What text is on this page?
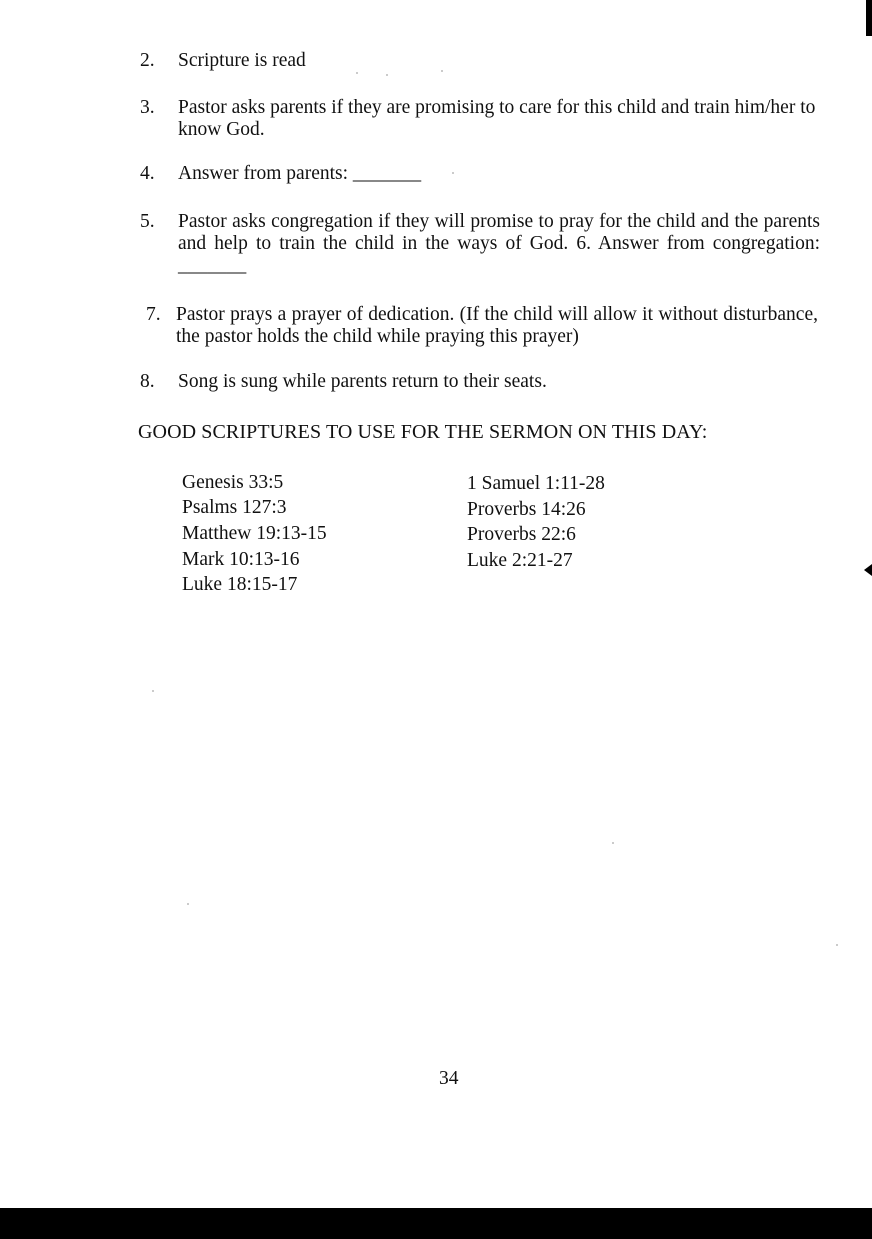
2. Scripture is read
3. Pastor asks parents if they are promising to care for this child and train him/her to know God.
4. Answer from parents: _______
5. Pastor asks congregation if they will promise to pray for the child and the parents and help to train the child in the ways of God. 6. Answer from congregation: _______
7. Pastor prays a prayer of dedication. (If the child will allow it without disturbance, the pastor holds the child while praying this prayer)
8. Song is sung while parents return to their seats.
GOOD SCRIPTURES TO USE FOR THE SERMON ON THIS DAY:
Genesis 33:5
Psalms 127:3
Matthew 19:13-15
Mark 10:13-16
Luke 18:15-17
1 Samuel 1:11-28
Proverbs 14:26
Proverbs 22:6
Luke 2:21-27
34
